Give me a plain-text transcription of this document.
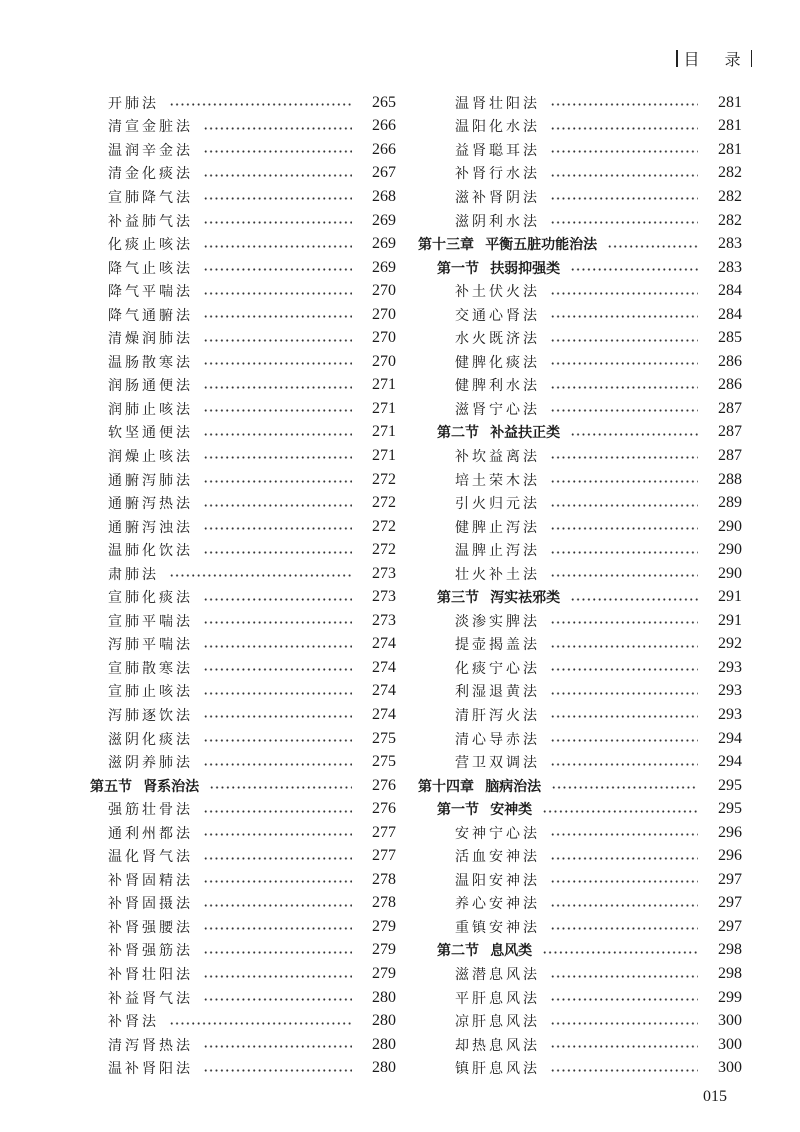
目 录
开肺法	265
清宣金脏法	266
温润辛金法	266
清金化痰法	267
宣肺降气法	268
补益肺气法	269
化痰止咳法	269
降气止咳法	269
降气平喘法	270
降气通腑法	270
清燥润肺法	270
温肠散寒法	270
润肠通便法	271
润肺止咳法	271
软坚通便法	271
润燥止咳法	271
通腑泻肺法	272
通腑泻热法	272
通腑泻浊法	272
温肺化饮法	272
肃肺法	273
宣肺化痰法	273
宣肺平喘法	273
泻肺平喘法	274
宣肺散寒法	274
宣肺止咳法	274
泻肺逐饮法	274
滋阴化痰法	275
滋阴养肺法	275
第五节 肾系治法	276
强筋壮骨法	276
通利州都法	277
温化肾气法	277
补肾固精法	278
补肾固摄法	278
补肾强腰法	279
补肾强筋法	279
补肾壮阳法	279
补益肾气法	280
补肾法	280
清泻肾热法	280
温补肾阳法	280
温肾壮阳法	281
温阳化水法	281
益肾聪耳法	281
补肾行水法	282
滋补肾阴法	282
滋阴利水法	282
第十三章 平衡五脏功能治法	283
第一节 扶弱抑强类	283
补土伏火法	284
交通心肾法	284
水火既济法	285
健脾化痰法	286
健脾利水法	286
滋肾宁心法	287
第二节 补益扶正类	287
补坎益离法	287
培土荣木法	288
引火归元法	289
健脾止泻法	290
温脾止泻法	290
壮火补土法	290
第三节 泻实祛邪类	291
淡渗实脾法	291
提壶揭盖法	292
化痰宁心法	293
利湿退黄法	293
清肝泻火法	293
清心导赤法	294
营卫双调法	294
第十四章 脑病治法	295
第一节 安神类	295
安神宁心法	296
活血安神法	296
温阳安神法	297
养心安神法	297
重镇安神法	297
第二节 息风类	298
滋潜息风法	298
平肝息风法	299
凉肝息风法	300
却热息风法	300
镇肝息风法	300
015
